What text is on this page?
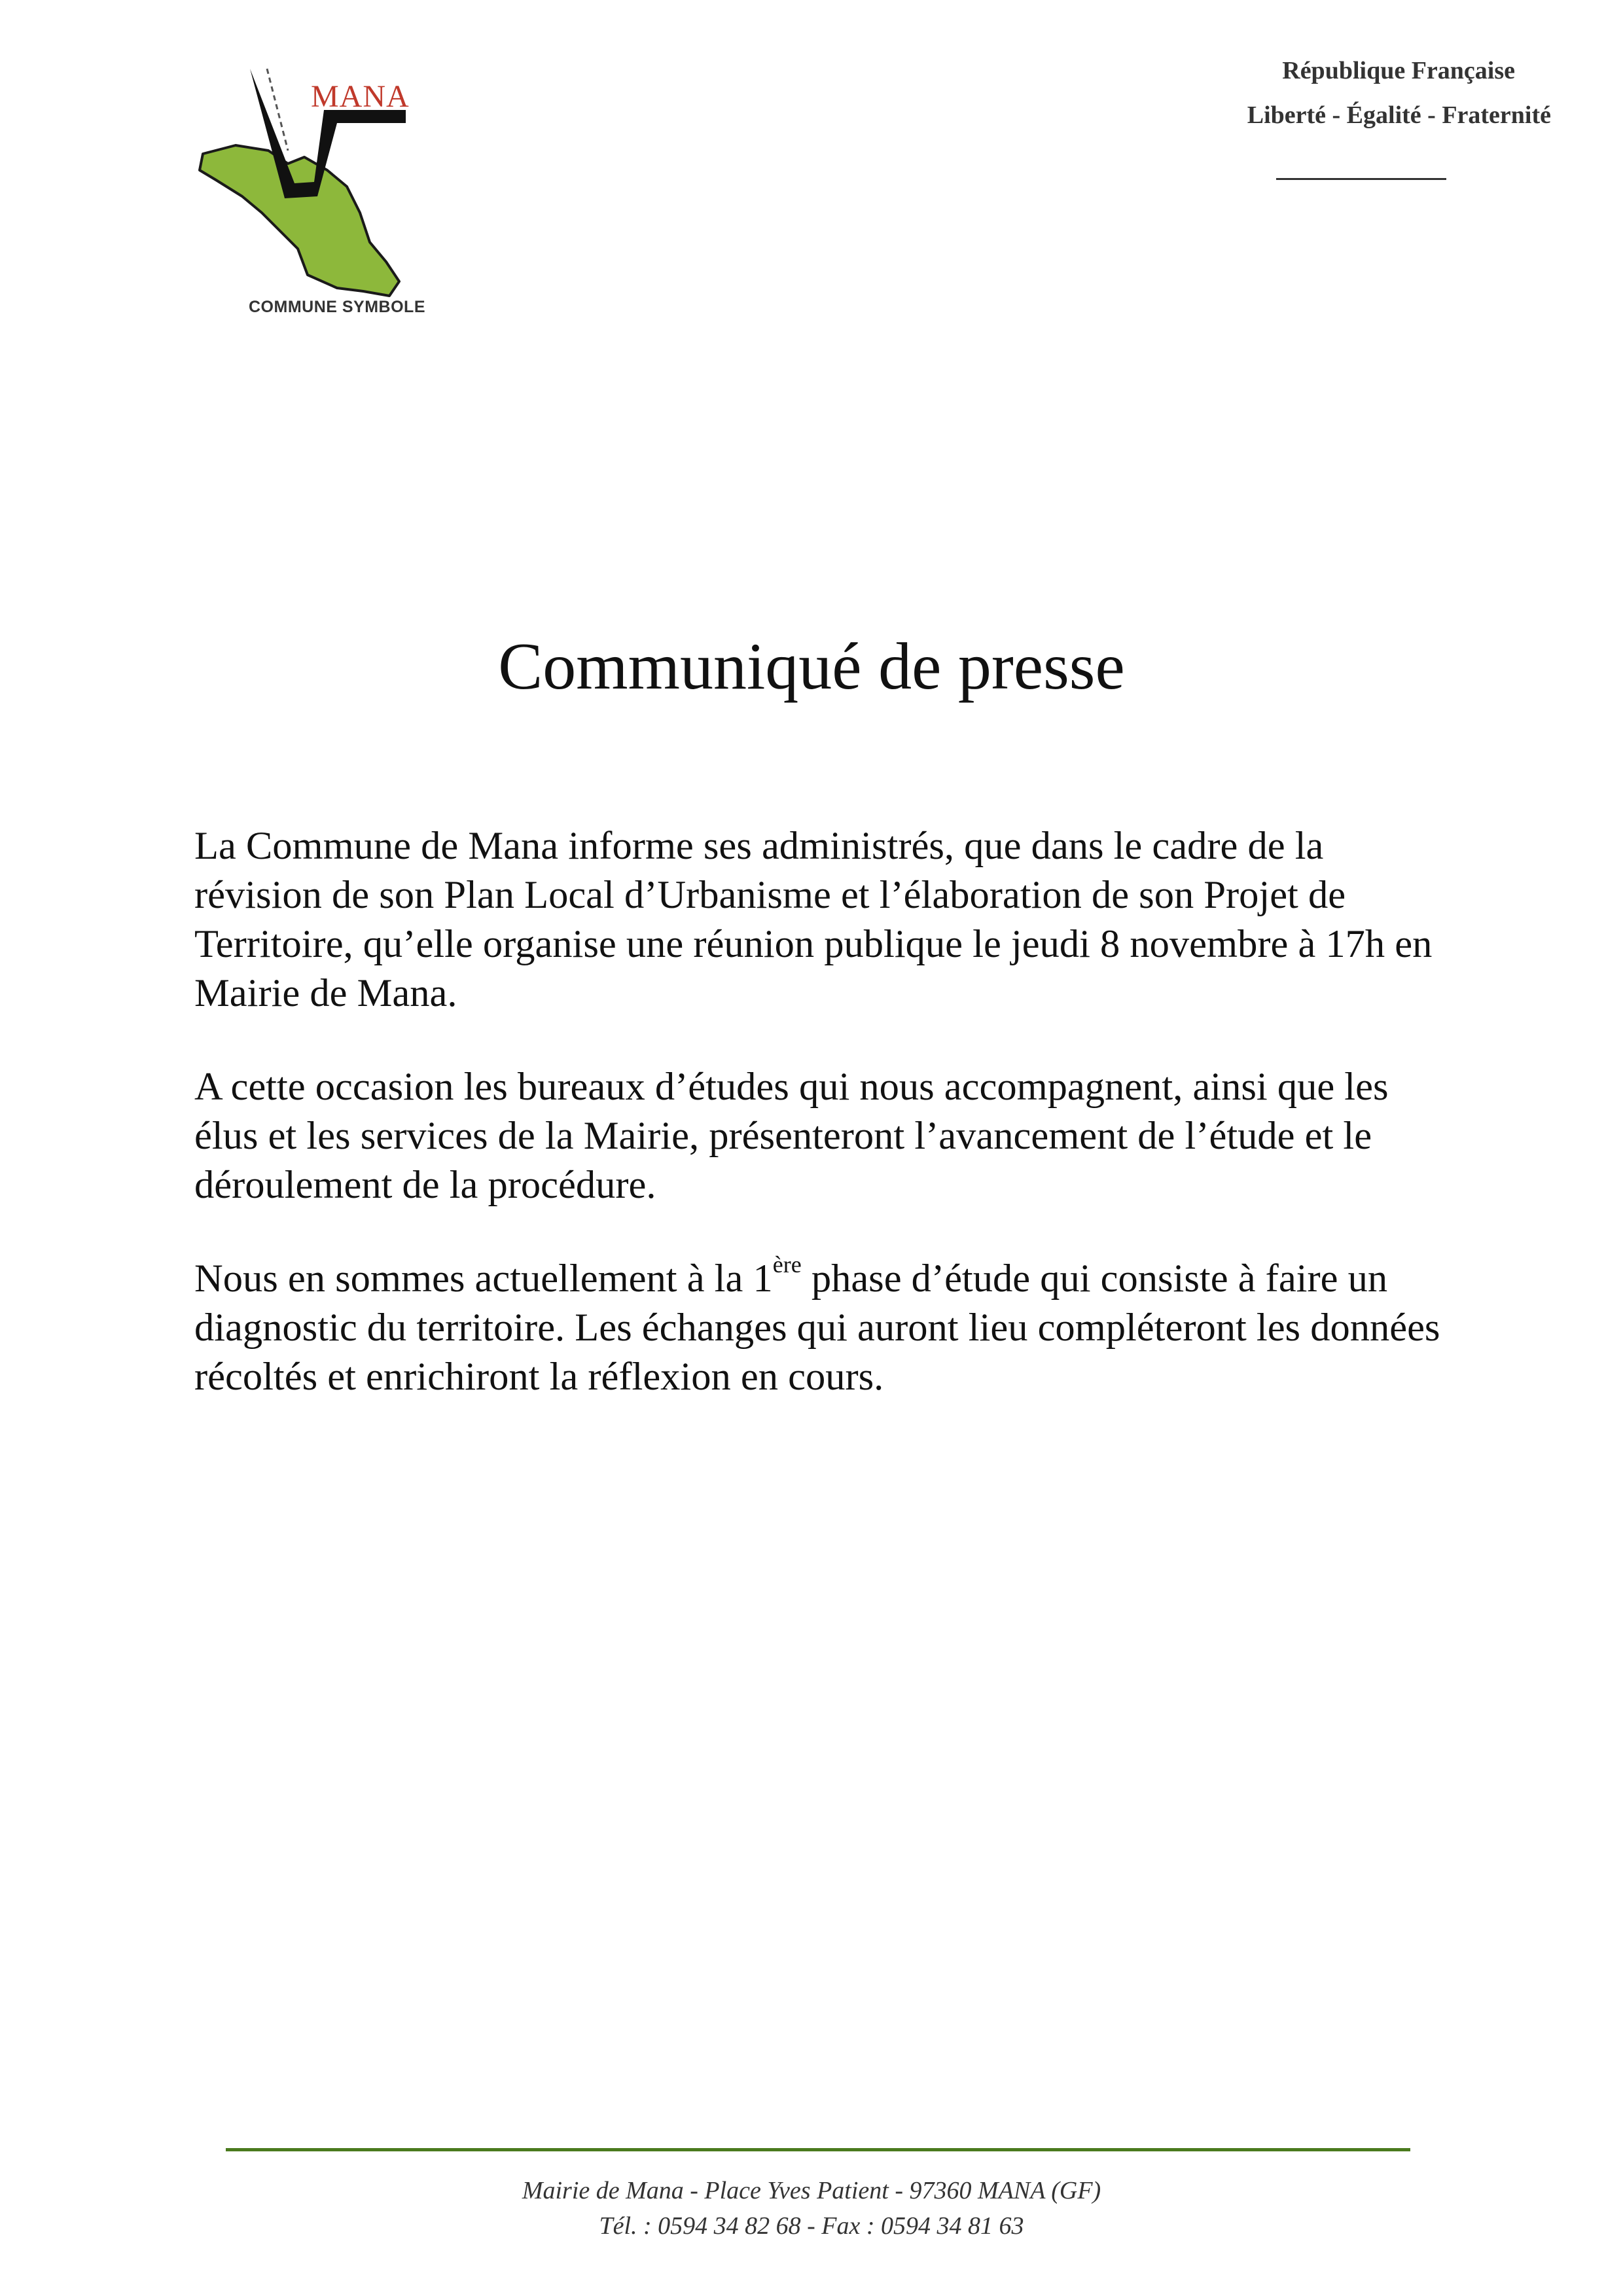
MANA
COMMUNE SYMBOLE
République Française
Liberté - Égalité - Fraternité
Communiqué de presse

La Commune de Mana informe ses administrés, que dans le cadre de la révision de son Plan Local d’Urbanisme et l’élaboration de son Projet de Territoire, qu’elle organise une réunion publique le jeudi 8 novembre à 17h en Mairie de Mana.

A cette occasion les bureaux d’études qui nous accompagnent, ainsi que les élus et les services de la Mairie, présenteront l’avancement de l’étude et le déroulement de la procédure.

Nous en sommes actuellement à la 1ère phase d’étude qui consiste à faire un diagnostic du territoire. Les échanges qui auront lieu compléteront les données récoltés et enrichiront la réflexion en cours.

Mairie de Mana - Place Yves Patient - 97360 MANA (GF)
Tél. : 0594 34 82 68 - Fax : 0594 34 81 63
